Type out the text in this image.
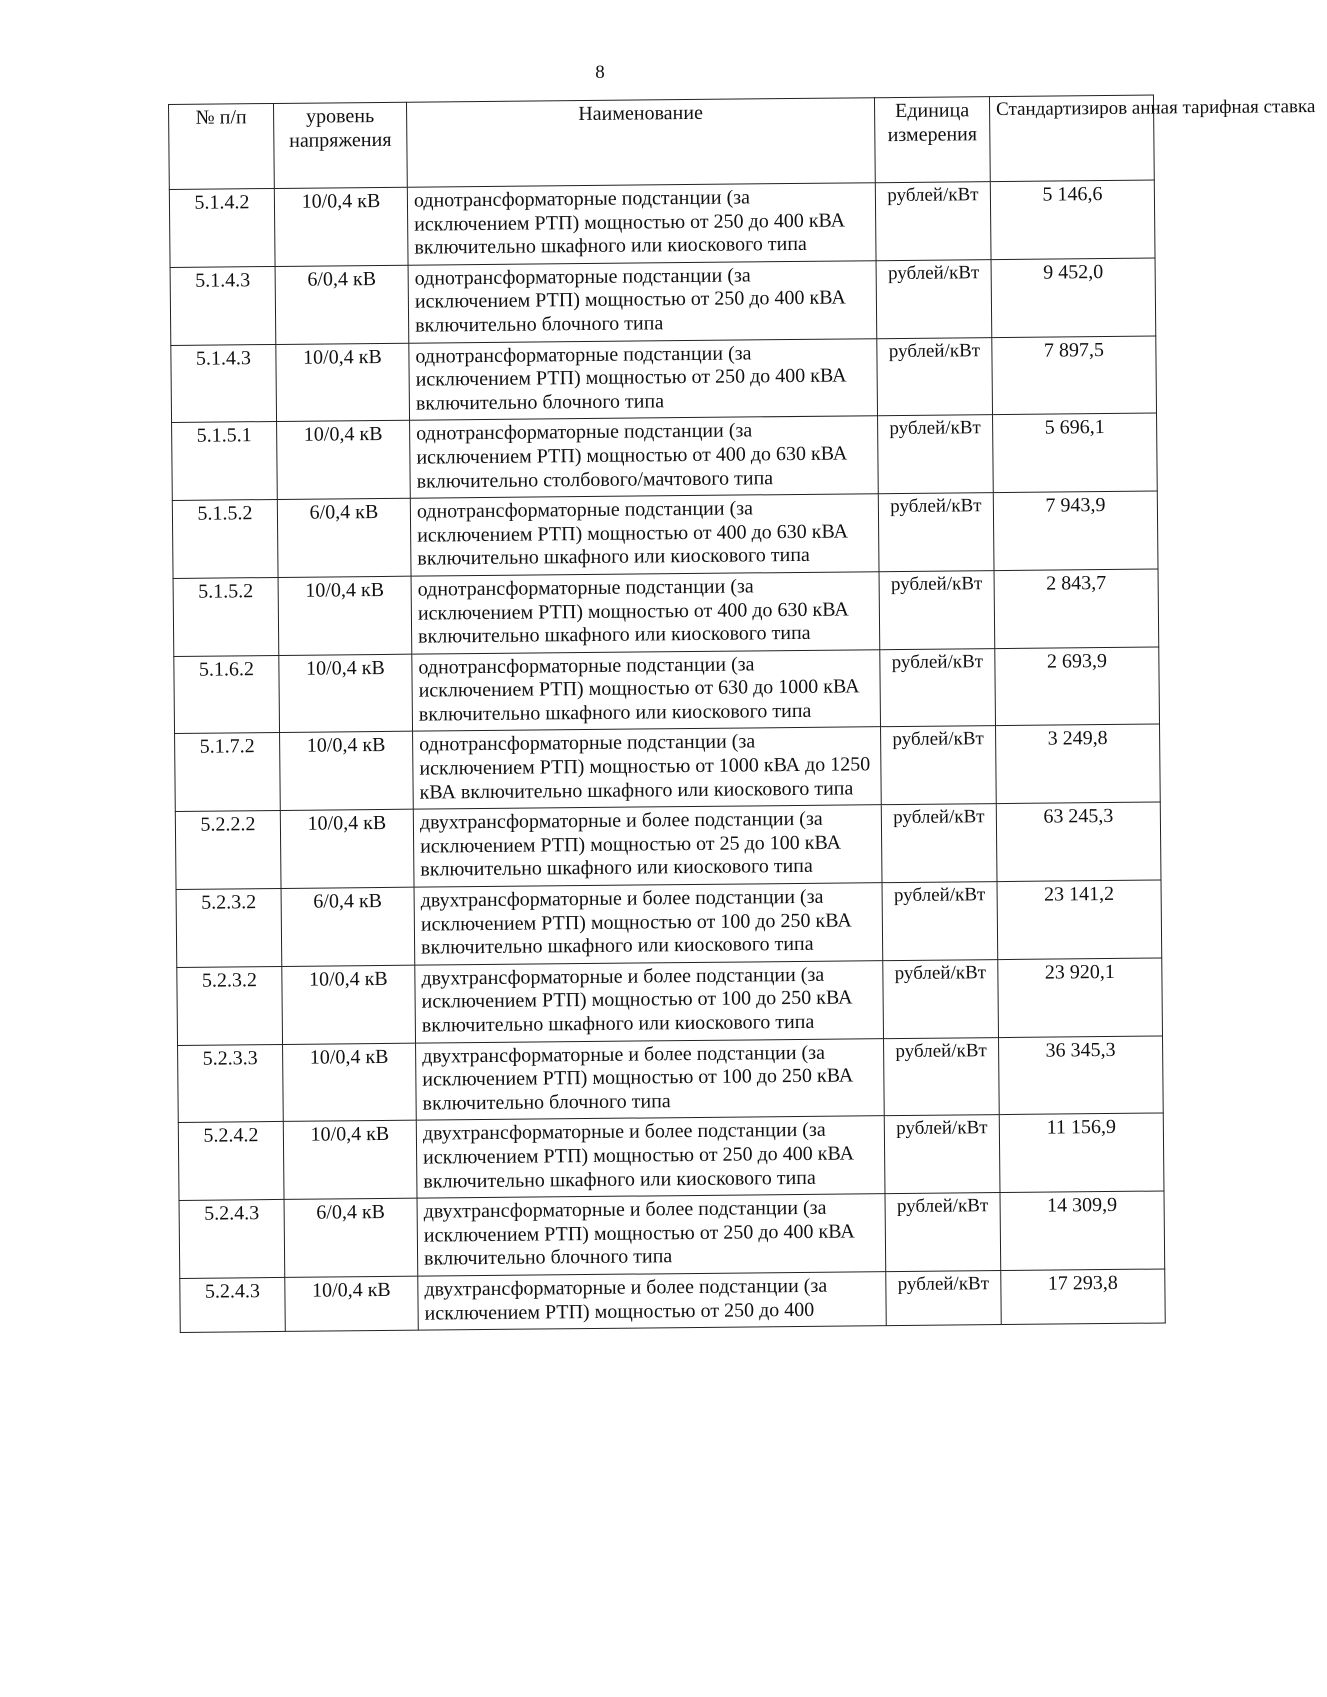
8
№ п/п	уровень напряжения	Наименование	Единица измерения	Стандартизиров анная тарифная ставка
5.1.4.2	10/0,4 кВ	однотрансформаторные подстанции (за исключением РТП) мощностью от 250 до 400 кВА включительно шкафного или киоскового типа	рублей/кВт	5 146,6
5.1.4.3	6/0,4 кВ	однотрансформаторные подстанции (за исключением РТП) мощностью от 250 до 400 кВА включительно блочного типа	рублей/кВт	9 452,0
5.1.4.3	10/0,4 кВ	однотрансформаторные подстанции (за исключением РТП) мощностью от 250 до 400 кВА включительно блочного типа	рублей/кВт	7 897,5
5.1.5.1	10/0,4 кВ	однотрансформаторные подстанции (за исключением РТП) мощностью от 400 до 630 кВА включительно столбового/мачтового типа	рублей/кВт	5 696,1
5.1.5.2	6/0,4 кВ	однотрансформаторные подстанции (за исключением РТП) мощностью от 400 до 630 кВА включительно шкафного или киоскового типа	рублей/кВт	7 943,9
5.1.5.2	10/0,4 кВ	однотрансформаторные подстанции (за исключением РТП) мощностью от 400 до 630 кВА включительно шкафного или киоскового типа	рублей/кВт	2 843,7
5.1.6.2	10/0,4 кВ	однотрансформаторные подстанции (за исключением РТП) мощностью от 630 до 1000 кВА включительно шкафного или киоскового типа	рублей/кВт	2 693,9
5.1.7.2	10/0,4 кВ	однотрансформаторные подстанции (за исключением РТП) мощностью от 1000 кВА до 1250 кВА включительно шкафного или киоскового типа	рублей/кВт	3 249,8
5.2.2.2	10/0,4 кВ	двухтрансформаторные и более подстанции (за исключением РТП) мощностью от 25 до 100 кВА включительно шкафного или киоскового типа	рублей/кВт	63 245,3
5.2.3.2	6/0,4 кВ	двухтрансформаторные и более подстанции (за исключением РТП) мощностью от 100 до 250 кВА включительно шкафного или киоскового типа	рублей/кВт	23 141,2
5.2.3.2	10/0,4 кВ	двухтрансформаторные и более подстанции (за исключением РТП) мощностью от 100 до 250 кВА включительно шкафного или киоскового типа	рублей/кВт	23 920,1
5.2.3.3	10/0,4 кВ	двухтрансформаторные и более подстанции (за исключением РТП) мощностью от 100 до 250 кВА включительно блочного типа	рублей/кВт	36 345,3
5.2.4.2	10/0,4 кВ	двухтрансформаторные и более подстанции (за исключением РТП) мощностью от 250 до 400 кВА включительно шкафного или киоскового типа	рублей/кВт	11 156,9
5.2.4.3	6/0,4 кВ	двухтрансформаторные и более подстанции (за исключением РТП) мощностью от 250 до 400 кВА включительно блочного типа	рублей/кВт	14 309,9
5.2.4.3	10/0,4 кВ	двухтрансформаторные и более подстанции (за исключением РТП) мощностью от 250 до 400	рублей/кВт	17 293,8
